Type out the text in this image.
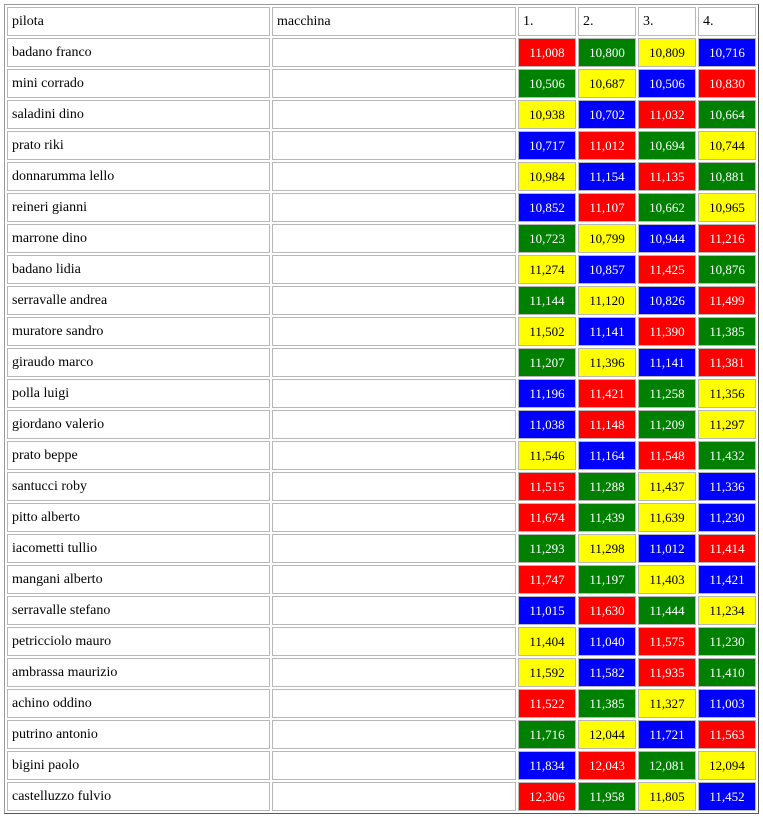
pilota	macchina	1.	2.	3.	4.
badano franco		11,008	10,800	10,809	10,716
mini corrado		10,506	10,687	10,506	10,830
saladini dino		10,938	10,702	11,032	10,664
prato riki		10,717	11,012	10,694	10,744
donnarumma lello		10,984	11,154	11,135	10,881
reineri gianni		10,852	11,107	10,662	10,965
marrone dino		10,723	10,799	10,944	11,216
badano lidia		11,274	10,857	11,425	10,876
serravalle andrea		11,144	11,120	10,826	11,499
muratore sandro		11,502	11,141	11,390	11,385
giraudo marco		11,207	11,396	11,141	11,381
polla luigi		11,196	11,421	11,258	11,356
giordano valerio		11,038	11,148	11,209	11,297
prato beppe		11,546	11,164	11,548	11,432
santucci roby		11,515	11,288	11,437	11,336
pitto alberto		11,674	11,439	11,639	11,230
iacometti tullio		11,293	11,298	11,012	11,414
mangani alberto		11,747	11,197	11,403	11,421
serravalle stefano		11,015	11,630	11,444	11,234
petricciolo mauro		11,404	11,040	11,575	11,230
ambrassa maurizio		11,592	11,582	11,935	11,410
achino oddino		11,522	11,385	11,327	11,003
putrino antonio		11,716	12,044	11,721	11,563
bigini paolo		11,834	12,043	12,081	12,094
castelluzzo fulvio		12,306	11,958	11,805	11,452
